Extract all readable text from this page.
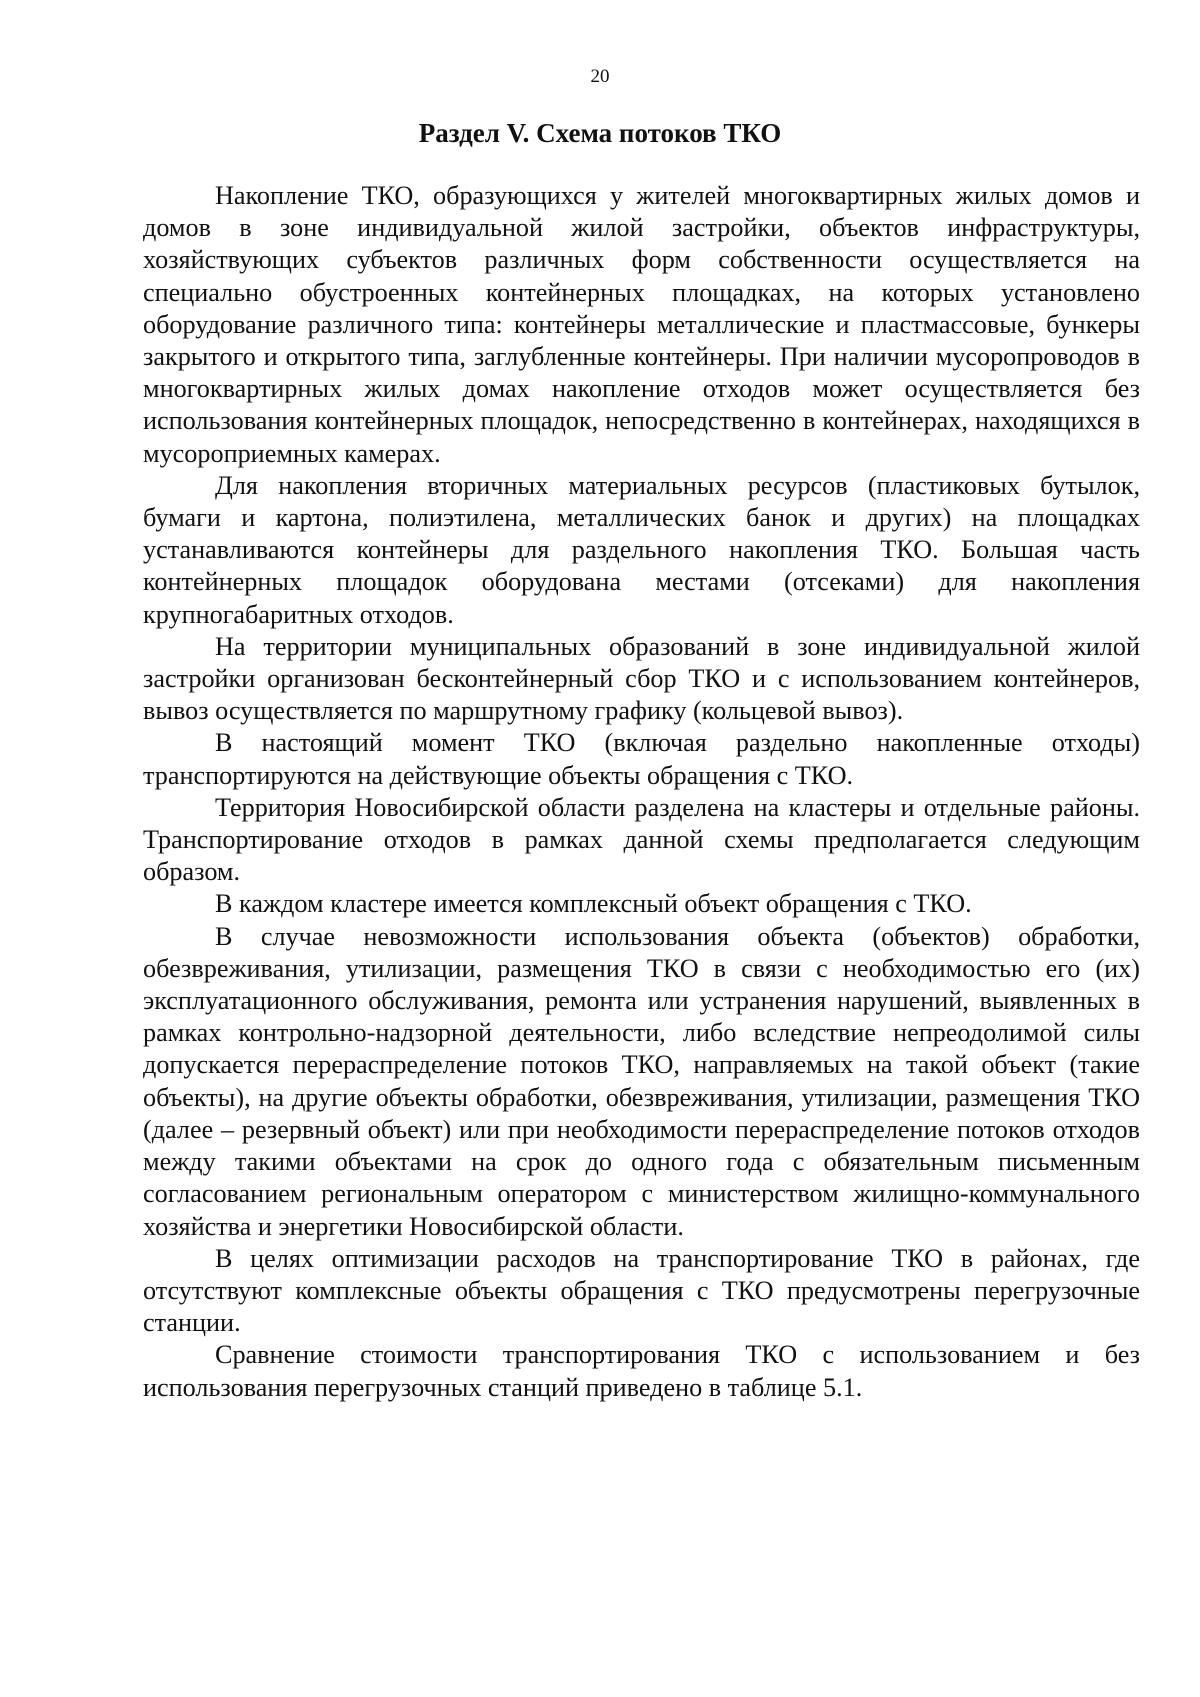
20
Раздел V. Схема потоков ТКО

Накопление ТКО, образующихся у жителей многоквартирных жилых домов и домов в зоне индивидуальной жилой застройки, объектов инфраструктуры, хозяйствующих субъектов различных форм собственности осуществляется на специально обустроенных контейнерных площадках, на которых установлено оборудование различного типа: контейнеры металлические и пластмассовые, бункеры закрытого и открытого типа, заглубленные контейнеры. При наличии мусоропроводов в многоквартирных жилых домах накопление отходов может осуществляется без использования контейнерных площадок, непосредственно в контейнерах, находящихся в мусороприемных камерах.

Для накопления вторичных материальных ресурсов (пластиковых бутылок, бумаги и картона, полиэтилена, металлических банок и других) на площадках устанавливаются контейнеры для раздельного накопления ТКО. Большая часть контейнерных площадок оборудована местами (отсеками) для накопления крупногабаритных отходов.

На территории муниципальных образований в зоне индивидуальной жилой застройки организован бесконтейнерный сбор ТКО и с использованием контейнеров, вывоз осуществляется по маршрутному графику (кольцевой вывоз).

В настоящий момент ТКО (включая раздельно накопленные отходы) транспортируются на действующие объекты обращения с ТКО.

Территория Новосибирской области разделена на кластеры и отдельные районы. Транспортирование отходов в рамках данной схемы предполагается следующим образом.

В каждом кластере имеется комплексный объект обращения с ТКО.

В случае невозможности использования объекта (объектов) обработки, обезвреживания, утилизации, размещения ТКО в связи с необходимостью его (их) эксплуатационного обслуживания, ремонта или устранения нарушений, выявленных в рамках контрольно-надзорной деятельности, либо вследствие непреодолимой силы допускается перераспределение потоков ТКО, направляемых на такой объект (такие объекты), на другие объекты обработки, обезвреживания, утилизации, размещения ТКО (далее – резервный объект) или при необходимости перераспределение потоков отходов между такими объектами на срок до одного года с обязательным письменным согласованием региональным оператором с министерством жилищно-коммунального хозяйства и энергетики Новосибирской области.

В целях оптимизации расходов на транспортирование ТКО в районах, где отсутствуют комплексные объекты обращения с ТКО предусмотрены перегрузочные станции.

Сравнение стоимости транспортирования ТКО с использованием и без использования перегрузочных станций приведено в таблице 5.1.
